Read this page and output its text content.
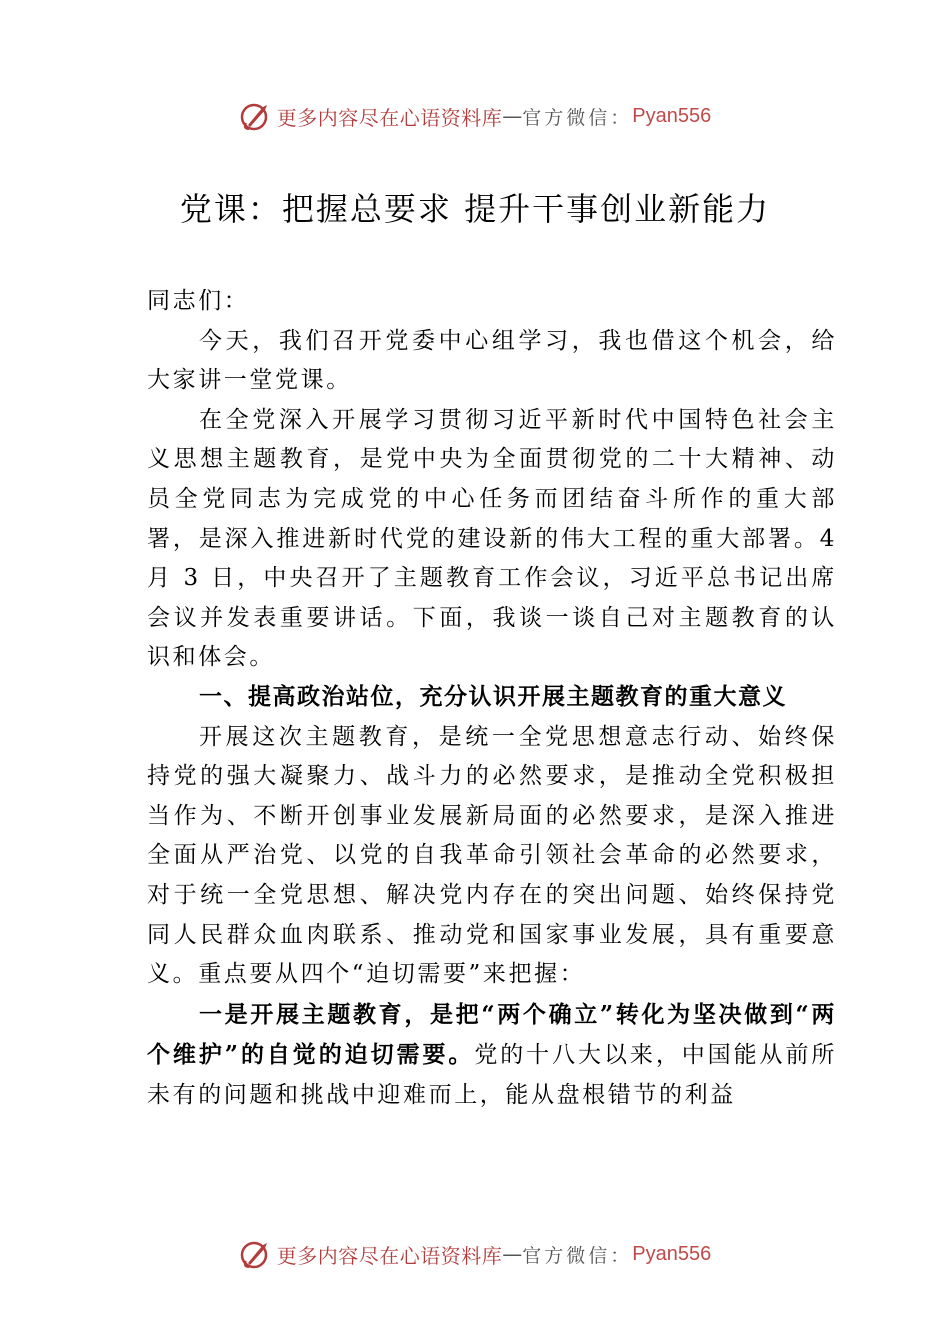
更多内容尽在心语资料库 — 官方微信： Pyan556
党课：把握总要求 提升干事创业新能力

同志们：

今天，我们召开党委中心组学习，我也借这个机会，给大家讲一堂党课。

在全党深入开展学习贯彻习近平新时代中国特色社会主义思想主题教育，是党中央为全面贯彻党的二十大精神、动员全党同志为完成党的中心任务而团结奋斗所作的重大部署，是深入推进新时代党的建设新的伟大工程的重大部署。4 月 3 日，中央召开了主题教育工作会议，习近平总书记出席会议并发表重要讲话。下面，我谈一谈自己对主题教育的认识和体会。

一、提高政治站位，充分认识开展主题教育的重大意义

开展这次主题教育，是统一全党思想意志行动、始终保持党的强大凝聚力、战斗力的必然要求，是推动全党积极担当作为、不断开创事业发展新局面的必然要求，是深入推进全面从严治党、以党的自我革命引领社会革命的必然要求， 对于统一全党思想、解决党内存在的突出问题、始终保持党同人民群众血肉联系、推动党和国家事业发展，具有重要意义。重点要从四个“迫切需要”来把握：

一是开展主题教育，是把“两个确立”转化为坚决做到“两个维护”的自觉的迫切需要。党的十八大以来，中国能从前所未有的问题和挑战中迎难而上，能从盘根错节的利益

更多内容尽在心语资料库 — 官方微信： Pyan556
